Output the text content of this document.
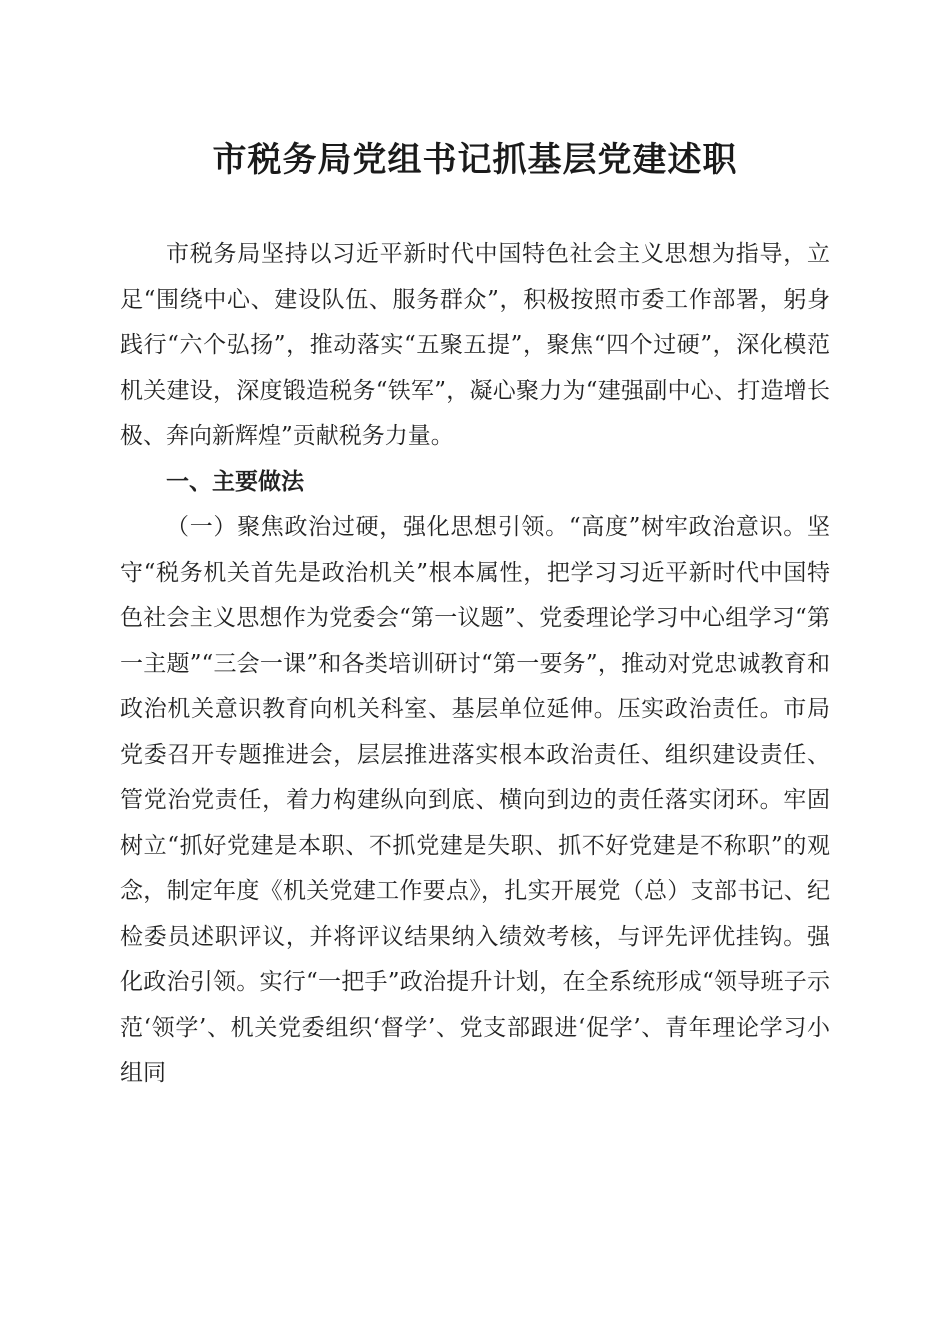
市税务局党组书记抓基层党建述职

市税务局坚持以习近平新时代中国特色社会主义思想为指导，立足“围绕中心、建设队伍、服务群众”，积极按照市委工作部署，躬身践行“六个弘扬”，推动落实“五聚五提”，聚焦“四个过硬”，深化模范机关建设，深度锻造税务“铁军”，凝心聚力为“建强副中心、打造增长极、奔向新辉煌”贡献税务力量。

一、主要做法

（一）聚焦政治过硬，强化思想引领。“高度”树牢政治意识。坚守“税务机关首先是政治机关”根本属性，把学习习近平新时代中国特色社会主义思想作为党委会“第一议题”、党委理论学习中心组学习“第一主题”“三会一课”和各类培训研讨“第一要务”，推动对党忠诚教育和政治机关意识教育向机关科室、基层单位延伸。压实政治责任。市局党委召开专题推进会，层层推进落实根本政治责任、组织建设责任、管党治党责任，着力构建纵向到底、横向到边的责任落实闭环。牢固树立“抓好党建是本职、不抓党建是失职、抓不好党建是不称职”的观念，制定年度《机关党建工作要点》，扎实开展党（总）支部书记、纪检委员述职评议，并将评议结果纳入绩效考核，与评先评优挂钩。强化政治引领。实行“一把手”政治提升计划，在全系统形成“领导班子示范‘领学’、机关党委组织‘督学’、党支部跟进‘促学’、青年理论学习小组同
